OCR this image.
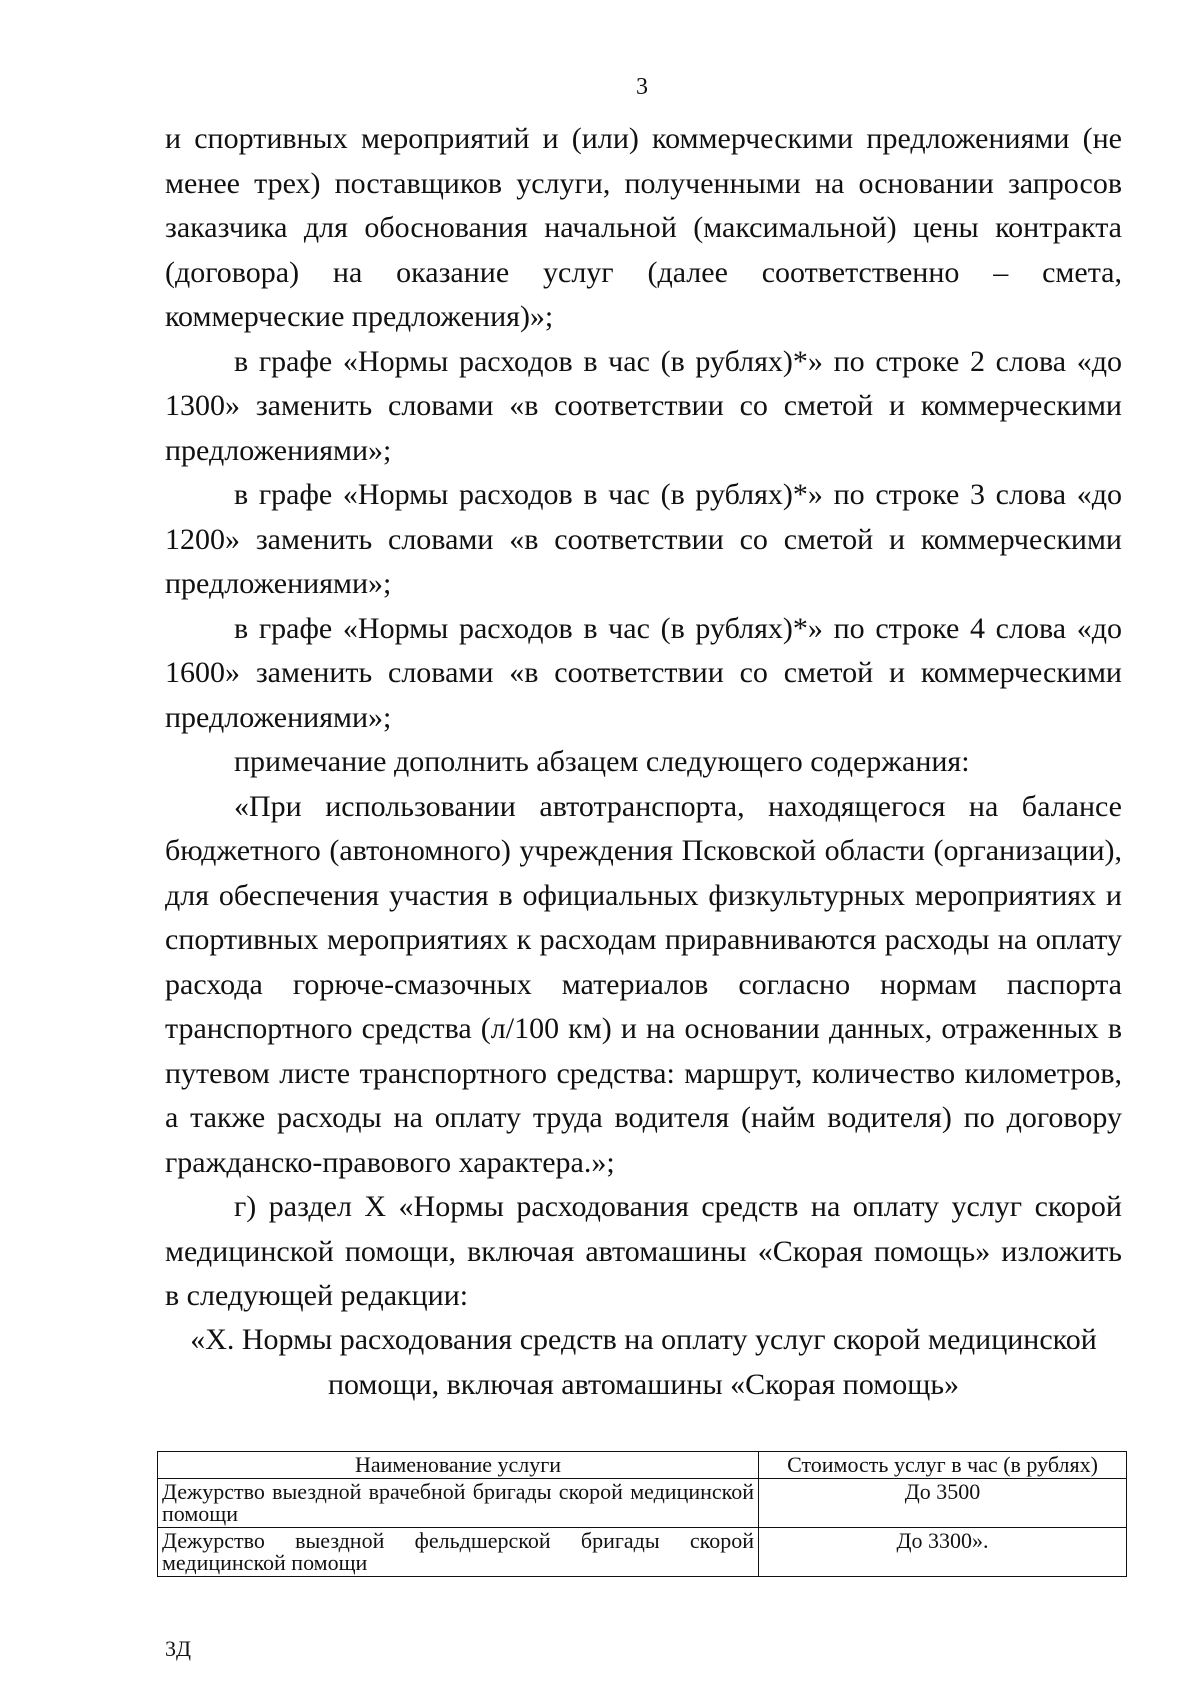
3

и спортивных мероприятий и (или) коммерческими предложениями (не менее трех) поставщиков услуги, полученными на основании запросов заказчика для обоснования начальной (максимальной) цены контракта (договора) на оказание услуг (далее соответственно – смета, коммерческие предложения)»;

в графе «Нормы расходов в час (в рублях)*» по строке 2 слова «до 1300» заменить словами «в соответствии со сметой и коммерческими предложениями»;

в графе «Нормы расходов в час (в рублях)*» по строке 3 слова «до 1200» заменить словами «в соответствии со сметой и коммерческими предложениями»;

в графе «Нормы расходов в час (в рублях)*» по строке 4 слова «до 1600» заменить словами «в соответствии со сметой и коммерческими предложениями»;

примечание дополнить абзацем следующего содержания:

«При использовании автотранспорта, находящегося на балансе бюджетного (автономного) учреждения Псковской области (организации), для обеспечения участия в официальных физкультурных мероприятиях и спортивных мероприятиях к расходам приравниваются расходы на оплату расхода горюче-смазочных материалов согласно нормам паспорта транспортного средства (л/100 км) и на основании данных, отраженных в путевом листе транспортного средства: маршрут, количество километров, а также расходы на оплату труда водителя (найм водителя) по договору гражданско-правового характера.»;

г) раздел X «Нормы расходования средств на оплату услуг скорой медицинской помощи, включая автомашины «Скорая помощь» изложить в следующей редакции:

«X. Нормы расходования средств на оплату услуг скорой медицинской
помощи, включая автомашины «Скорая помощь»
Наименование услуги	Стоимость услуг в час (в рублях)
Дежурство выездной врачебной бригады скорой медицинской помощи	До 3500
Дежурство выездной фельдшерской бригады скорой медицинской помощи	До 3300».
3Д
